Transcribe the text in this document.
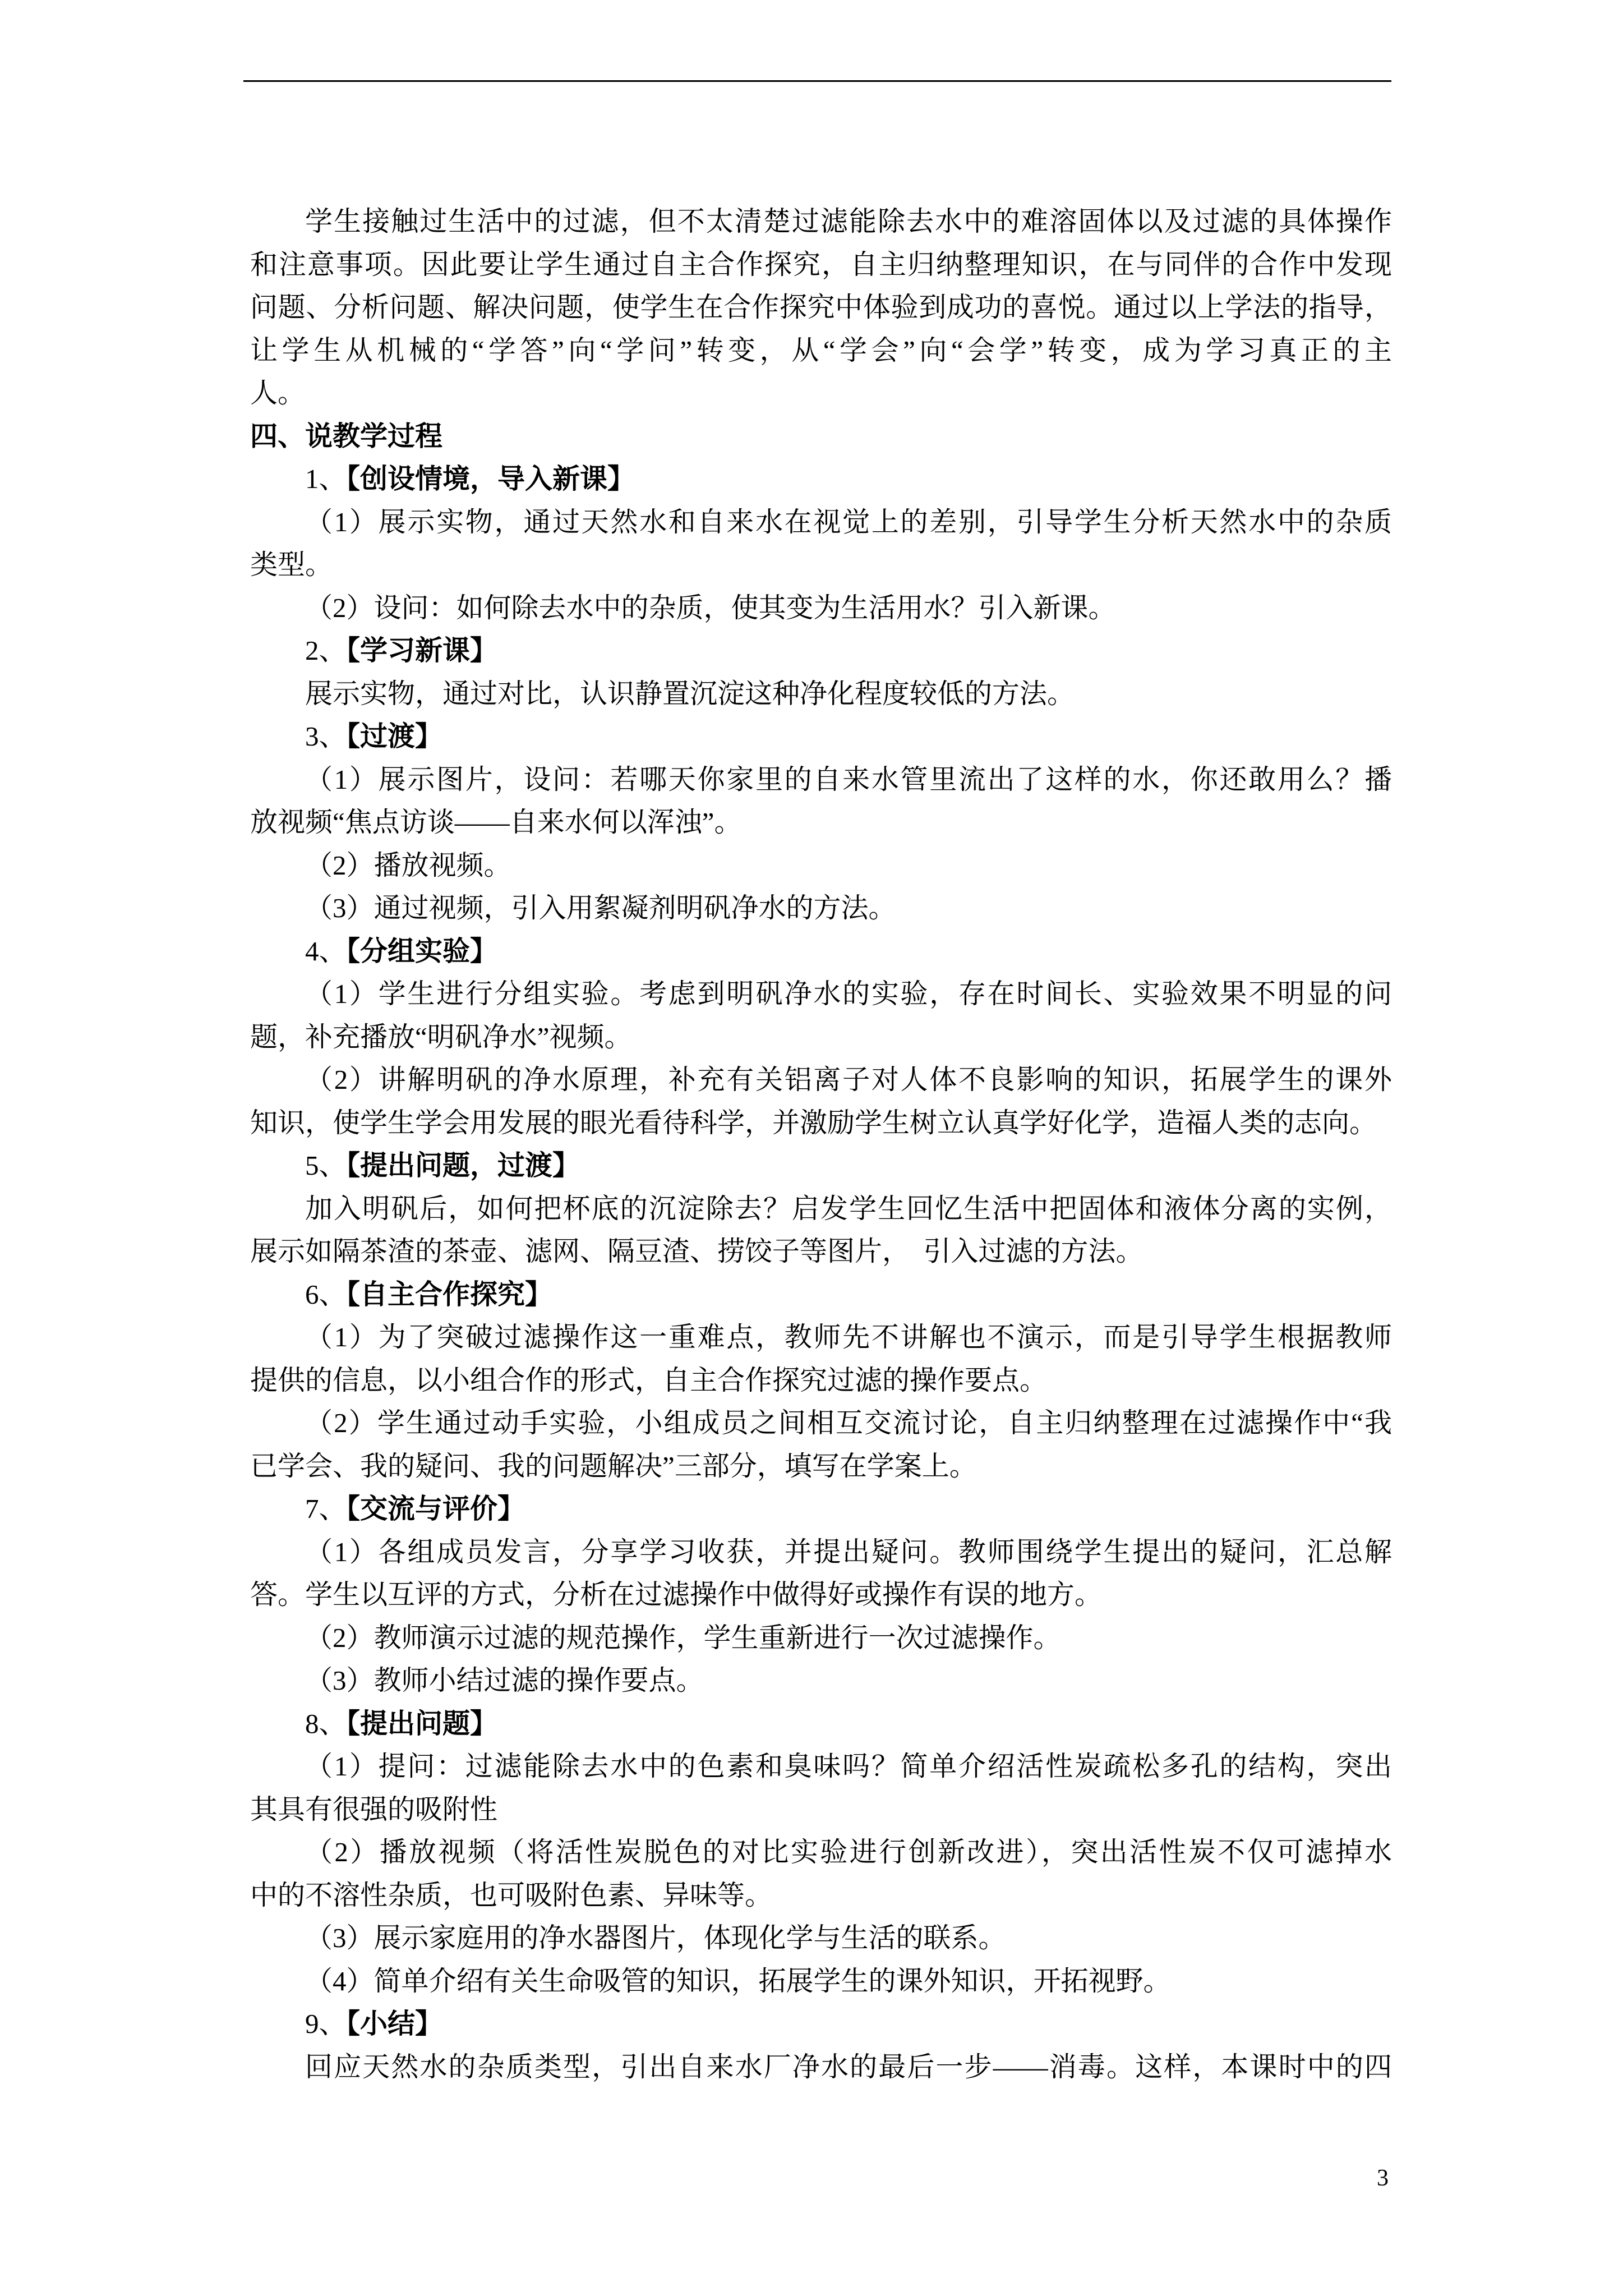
学生接触过生活中的过滤，但不太清楚过滤能除去水中的难溶固体以及过滤的具体操作
和注意事项。因此要让学生通过自主合作探究，自主归纳整理知识，在与同伴的合作中发现
问题、分析问题、解决问题，使学生在合作探究中体验到成功的喜悦。通过以上学法的指导，
让学生从机械的“学答”向“学问”转变，从“学会”向“会学”转变，成为学习真正的主
人。
四、说教学过程
1、【创设情境，导入新课】
（1）展示实物，通过天然水和自来水在视觉上的差别，引导学生分析天然水中的杂质
类型。
（2）设问：如何除去水中的杂质，使其变为生活用水？引入新课。
2、【学习新课】
展示实物，通过对比，认识静置沉淀这种净化程度较低的方法。
3、【过渡】
（1）展示图片，设问：若哪天你家里的自来水管里流出了这样的水，你还敢用么？播
放视频“焦点访谈——自来水何以浑浊”。
（2）播放视频。
（3）通过视频，引入用絮凝剂明矾净水的方法。
4、【分组实验】
（1）学生进行分组实验。考虑到明矾净水的实验，存在时间长、实验效果不明显的问
题，补充播放“明矾净水”视频。
（2）讲解明矾的净水原理，补充有关铝离子对人体不良影响的知识，拓展学生的课外
知识，使学生学会用发展的眼光看待科学，并激励学生树立认真学好化学，造福人类的志向。
5、【提出问题，过渡】
加入明矾后，如何把杯底的沉淀除去？启发学生回忆生活中把固体和液体分离的实例，
展示如隔茶渣的茶壶、滤网、隔豆渣、捞饺子等图片，  引入过滤的方法。
6、【自主合作探究】
（1）为了突破过滤操作这一重难点，教师先不讲解也不演示，而是引导学生根据教师
提供的信息，以小组合作的形式，自主合作探究过滤的操作要点。
（2）学生通过动手实验，小组成员之间相互交流讨论，自主归纳整理在过滤操作中“我
已学会、我的疑问、我的问题解决”三部分，填写在学案上。
7、【交流与评价】
（1）各组成员发言，分享学习收获，并提出疑问。教师围绕学生提出的疑问，汇总解
答。学生以互评的方式，分析在过滤操作中做得好或操作有误的地方。
（2）教师演示过滤的规范操作，学生重新进行一次过滤操作。
（3）教师小结过滤的操作要点。
8、【提出问题】
（1）提问：过滤能除去水中的色素和臭味吗？简单介绍活性炭疏松多孔的结构，突出
其具有很强的吸附性
（2）播放视频（将活性炭脱色的对比实验进行创新改进），突出活性炭不仅可滤掉水
中的不溶性杂质，也可吸附色素、异味等。
（3）展示家庭用的净水器图片，体现化学与生活的联系。
（4）简单介绍有关生命吸管的知识，拓展学生的课外知识，开拓视野。
9、【小结】
回应天然水的杂质类型，引出自来水厂净水的最后一步——消毒。这样，本课时中的四
3
